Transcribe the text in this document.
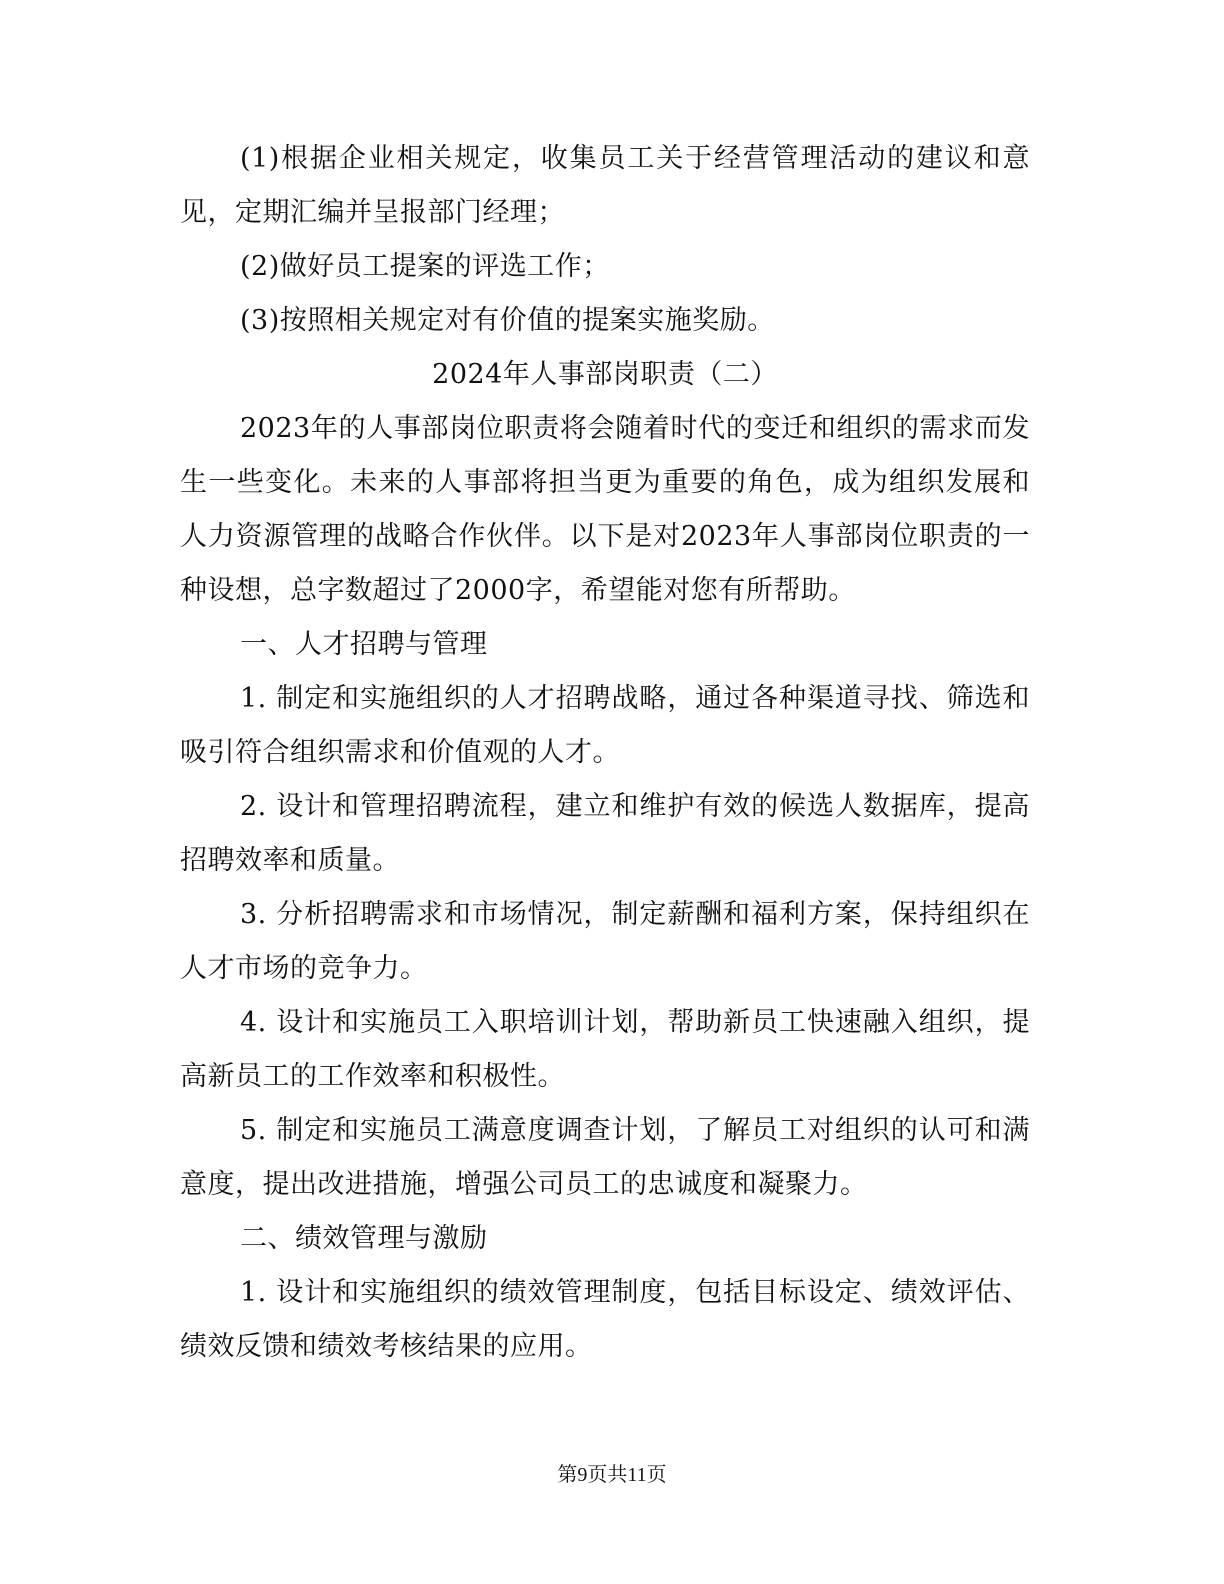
(1)根据企业相关规定，收集员工关于经营管理活动的建议和意见，定期汇编并呈报部门经理；

(2)做好员工提案的评选工作；

(3)按照相关规定对有价值的提案实施奖励。

2024年人事部岗职责（二）

2023年的人事部岗位职责将会随着时代的变迁和组织的需求而发生一些变化。未来的人事部将担当更为重要的角色，成为组织发展和人力资源管理的战略合作伙伴。以下是对2023年人事部岗位职责的一种设想，总字数超过了2000字，希望能对您有所帮助。

一、人才招聘与管理

1. 制定和实施组织的人才招聘战略，通过各种渠道寻找、筛选和吸引符合组织需求和价值观的人才。

2. 设计和管理招聘流程，建立和维护有效的候选人数据库，提高招聘效率和质量。

3. 分析招聘需求和市场情况，制定薪酬和福利方案，保持组织在人才市场的竞争力。

4. 设计和实施员工入职培训计划，帮助新员工快速融入组织，提高新员工的工作效率和积极性。

5. 制定和实施员工满意度调查计划，了解员工对组织的认可和满意度，提出改进措施，增强公司员工的忠诚度和凝聚力。

二、绩效管理与激励

1. 设计和实施组织的绩效管理制度，包括目标设定、绩效评估、绩效反馈和绩效考核结果的应用。

第9页共11页
